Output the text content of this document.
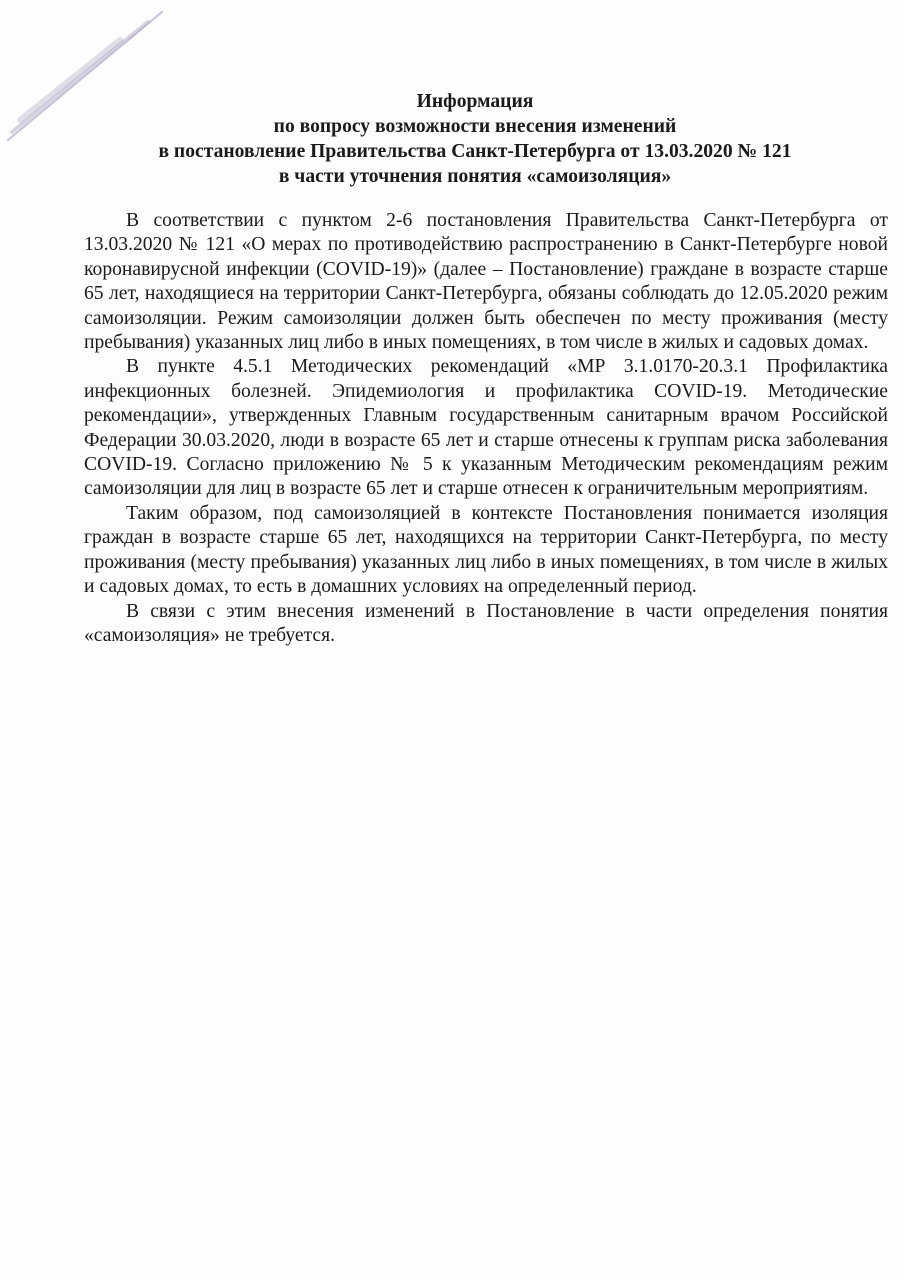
Информация
по вопросу возможности внесения изменений
в постановление Правительства Санкт-Петербурга от 13.03.2020 № 121
в части уточнения понятия «самоизоляция»

В соответствии с пунктом 2-6 постановления Правительства Санкт-Петербурга от 13.03.2020 № 121 «О мерах по противодействию распространению в Санкт-Петербурге новой коронавирусной инфекции (COVID-19)» (далее – Постановление) граждане в возрасте старше 65 лет, находящиеся на территории Санкт-Петербурга, обязаны соблюдать до 12.05.2020 режим самоизоляции. Режим самоизоляции должен быть обеспечен по месту проживания (месту пребывания) указанных лиц либо в иных помещениях, в том числе в жилых и садовых домах.

В пункте 4.5.1 Методических рекомендаций «МР 3.1.0170-20.3.1 Профилактика инфекционных болезней. Эпидемиология и профилактика COVID-19. Методические рекомендации», утвержденных Главным государственным санитарным врачом Российской Федерации 30.03.2020, люди в возрасте 65 лет и старше отнесены к группам риска заболевания COVID-19. Согласно приложению № 5 к указанным Методическим рекомендациям режим самоизоляции для лиц в возрасте 65 лет и старше отнесен к ограничительным мероприятиям.

Таким образом, под самоизоляцией в контексте Постановления понимается изоляция граждан в возрасте старше 65 лет, находящихся на территории Санкт-Петербурга, по месту проживания (месту пребывания) указанных лиц либо в иных помещениях, в том числе в жилых и садовых домах, то есть в домашних условиях на определенный период.

В связи с этим внесения изменений в Постановление в части определения понятия «самоизоляция» не требуется.
